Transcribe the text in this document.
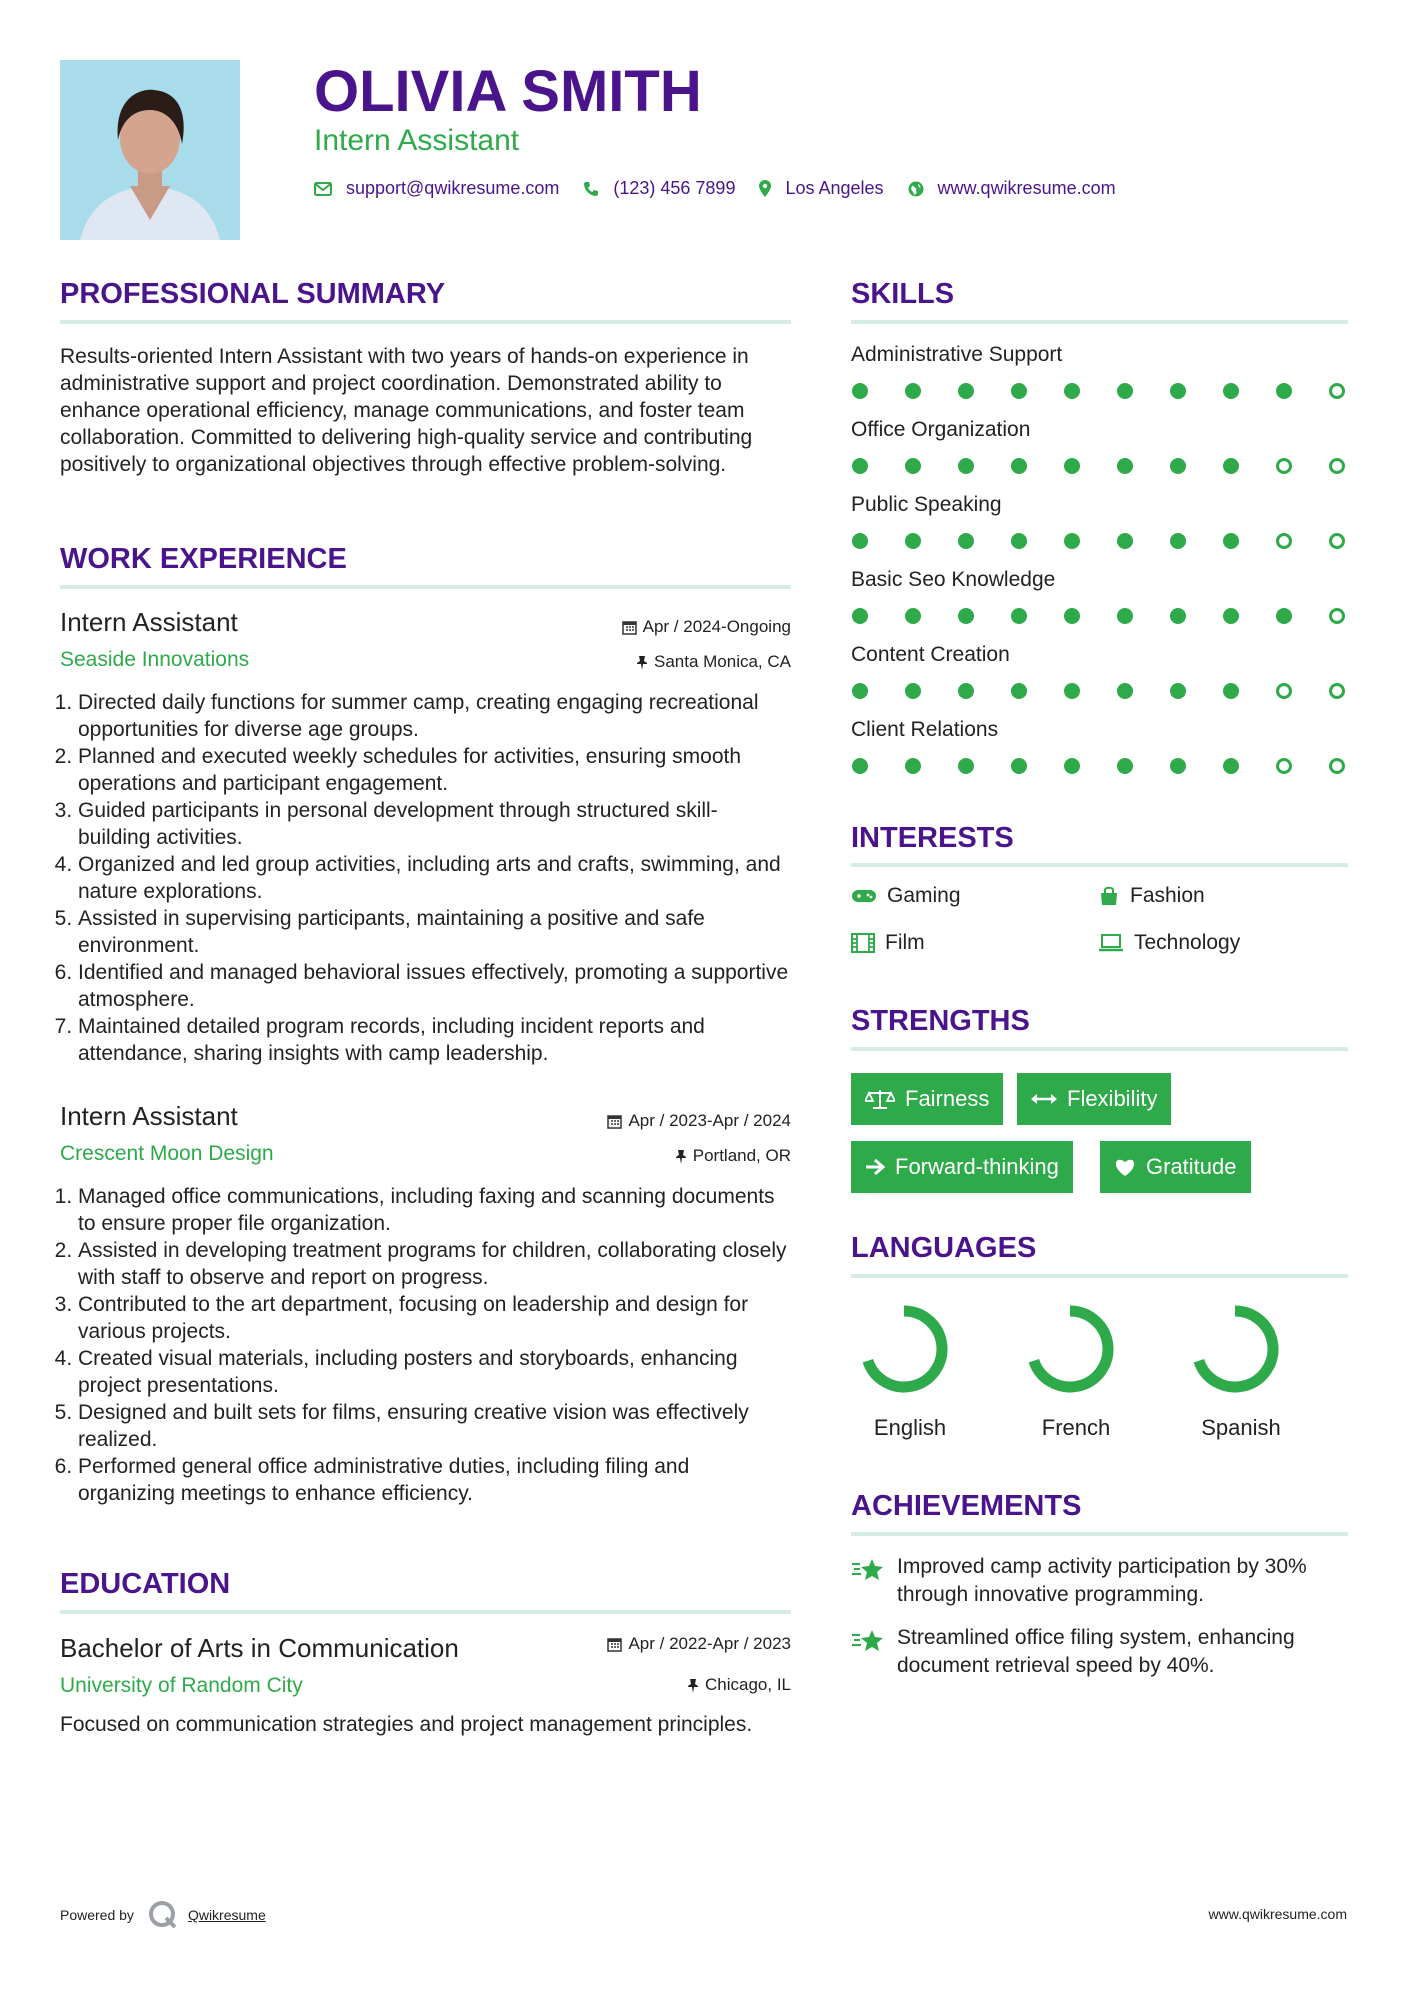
OLIVIA SMITH
Intern Assistant
support@qwikresume.com	(123) 456 7899	Los Angeles	www.qwikresume.com
PROFESSIONAL SUMMARY
Results-oriented Intern Assistant with two years of hands-on experience in administrative support and project coordination. Demonstrated ability to enhance operational efficiency, manage communications, and foster team collaboration. Committed to delivering high-quality service and contributing positively to organizational objectives through effective problem-solving.
WORK EXPERIENCE
Intern Assistant
Seaside Innovations
Apr / 2024-Ongoing
Santa Monica, CA
1. Directed daily functions for summer camp, creating engaging recreational opportunities for diverse age groups.
2. Planned and executed weekly schedules for activities, ensuring smooth operations and participant engagement.
3. Guided participants in personal development through structured skill-building activities.
4. Organized and led group activities, including arts and crafts, swimming, and nature explorations.
5. Assisted in supervising participants, maintaining a positive and safe environment.
6. Identified and managed behavioral issues effectively, promoting a supportive atmosphere.
7. Maintained detailed program records, including incident reports and attendance, sharing insights with camp leadership.
Intern Assistant
Crescent Moon Design
Apr / 2023-Apr / 2024
Portland, OR
1. Managed office communications, including faxing and scanning documents to ensure proper file organization.
2. Assisted in developing treatment programs for children, collaborating closely with staff to observe and report on progress.
3. Contributed to the art department, focusing on leadership and design for various projects.
4. Created visual materials, including posters and storyboards, enhancing project presentations.
5. Designed and built sets for films, ensuring creative vision was effectively realized.
6. Performed general office administrative duties, including filing and organizing meetings to enhance efficiency.
EDUCATION
Bachelor of Arts in Communication
University of Random City
Apr / 2022-Apr / 2023
Chicago, IL
Focused on communication strategies and project management principles.
SKILLS
Administrative Support
Office Organization
Public Speaking
Basic Seo Knowledge
Content Creation
Client Relations
INTERESTS
Gaming	Fashion
Film	Technology
STRENGTHS
Fairness	Flexibility
Forward-thinking	Gratitude
LANGUAGES
English	French	Spanish
ACHIEVEMENTS
Improved camp activity participation by 30% through innovative programming.
Streamlined office filing system, enhancing document retrieval speed by 40%.
Powered by	Qwikresume	www.qwikresume.com
